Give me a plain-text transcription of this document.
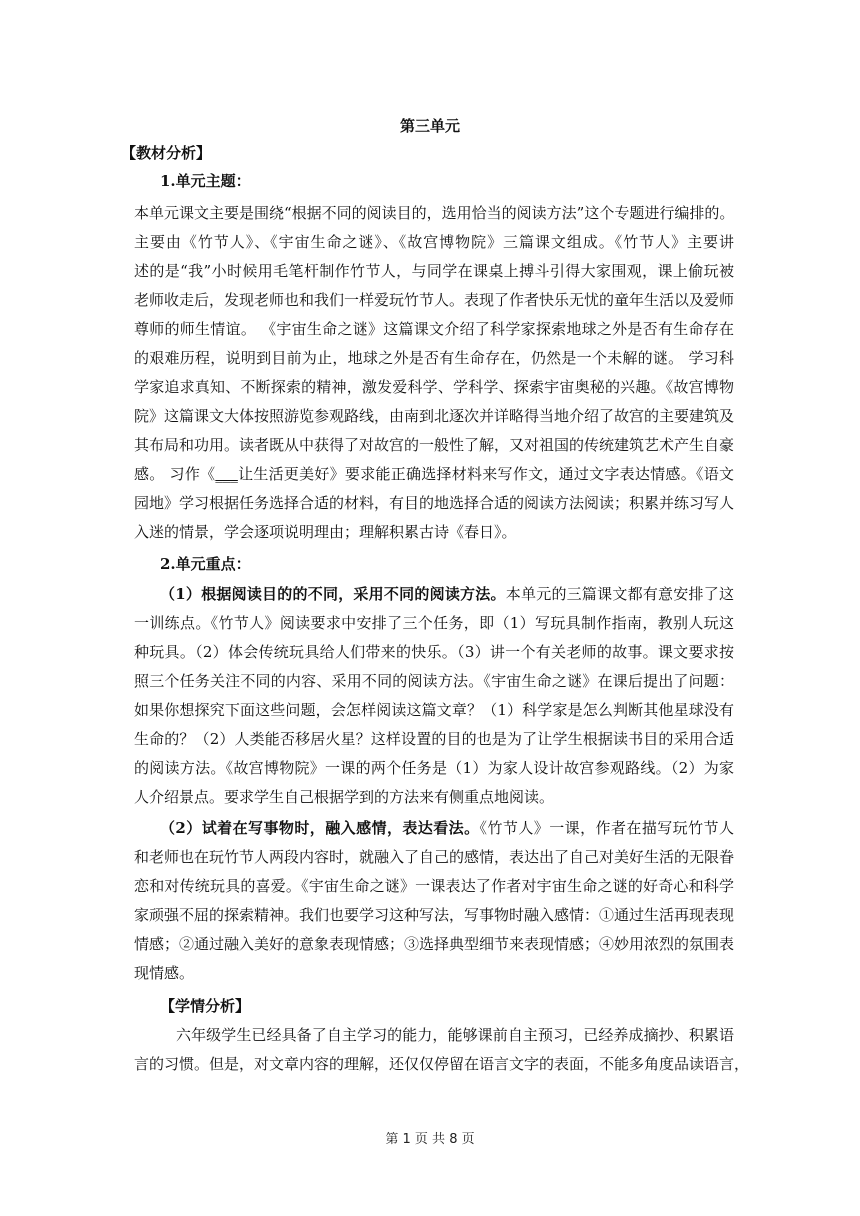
第三单元
【教材分析】
1.单元主题：
本单元课文主要是围绕“根据不同的阅读目的，选用恰当的阅读方法”这个专题进行编排的。
主要由《竹节人》、《宇宙生命之谜》、《故宫博物院》三篇课文组成。《竹节人》主要讲
述的是“我”小时候用毛笔杆制作竹节人，与同学在课桌上搏斗引得大家围观，课上偷玩被
老师收走后，发现老师也和我们一样爱玩竹节人。表现了作者快乐无忧的童年生活以及爱师
尊师的师生情谊。 《宇宙生命之谜》这篇课文介绍了科学家探索地球之外是否有生命存在
的艰难历程，说明到目前为止，地球之外是否有生命存在，仍然是一个未解的谜。 学习科
学家追求真知、不断探索的精神，激发爱科学、学科学、探索宇宙奥秘的兴趣。《故宫博物
院》这篇课文大体按照游览参观路线，由南到北逐次并详略得当地介绍了故宫的主要建筑及
其布局和功用。读者既从中获得了对故宫的一般性了解，又对祖国的传统建筑艺术产生自豪
感。 习作《___让生活更美好》要求能正确选择材料来写作文，通过文字表达情感。《语文
园地》学习根据任务选择合适的材料，有目的地选择合适的阅读方法阅读；积累并练习写人
入迷的情景，学会逐项说明理由；理解积累古诗《春日》。
2.单元重点：
（1）根据阅读目的的不同，采用不同的阅读方法。本单元的三篇课文都有意安排了这
一训练点。《竹节人》阅读要求中安排了三个任务，即（1）写玩具制作指南，教别人玩这
种玩具。（2）体会传统玩具给人们带来的快乐。（3）讲一个有关老师的故事。课文要求按
照三个任务关注不同的内容、采用不同的阅读方法。《宇宙生命之谜》在课后提出了问题：
如果你想探究下面这些问题，会怎样阅读这篇文章？（1）科学家是怎么判断其他星球没有
生命的？（2）人类能否移居火星？这样设置的目的也是为了让学生根据读书目的采用合适
的阅读方法。《故宫博物院》一课的两个任务是（1）为家人设计故宫参观路线。（2）为家
人介绍景点。要求学生自己根据学到的方法来有侧重点地阅读。
（2）试着在写事物时，融入感情，表达看法。《竹节人》一课，作者在描写玩竹节人
和老师也在玩竹节人两段内容时，就融入了自己的感情，表达出了自己对美好生活的无限眷
恋和对传统玩具的喜爱。《宇宙生命之谜》一课表达了作者对宇宙生命之谜的好奇心和科学
家顽强不屈的探索精神。我们也要学习这种写法，写事物时融入感情：①通过生活再现表现
情感；②通过融入美好的意象表现情感；③选择典型细节来表现情感；④妙用浓烈的氛围表
现情感。
【学情分析】
六年级学生已经具备了自主学习的能力，能够课前自主预习，已经养成摘抄、积累语
言的习惯。但是，对文章内容的理解，还仅仅停留在语言文字的表面，不能多角度品读语言，
第 1 页 共 8 页
